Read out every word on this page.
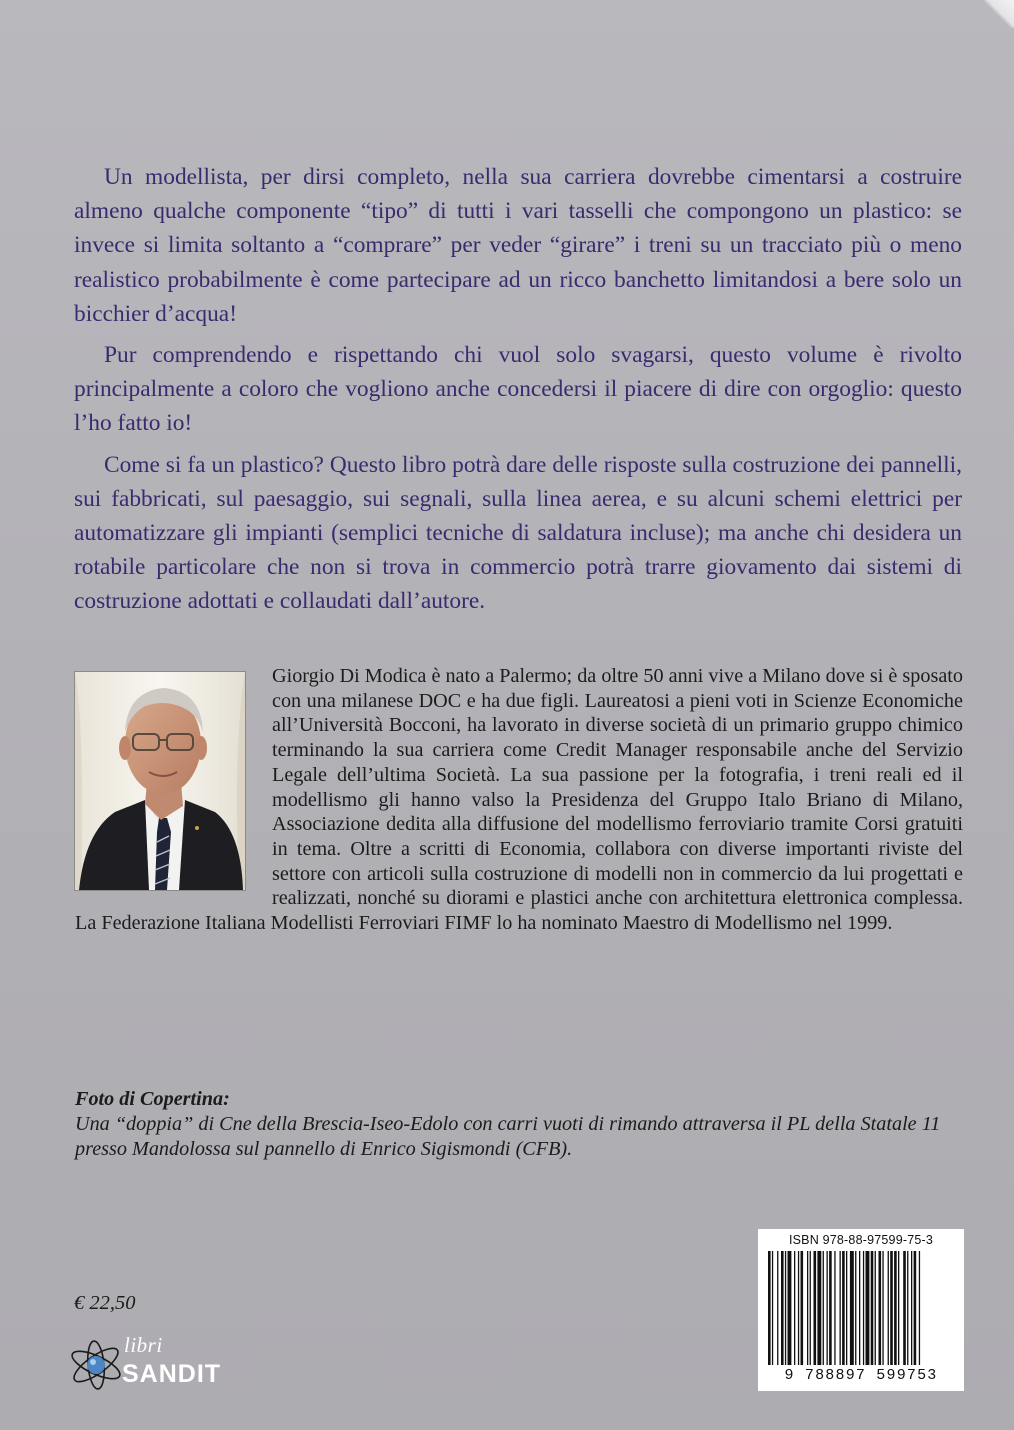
Un modellista, per dirsi completo, nella sua carriera dovrebbe cimentarsi a costruire almeno qualche componente “tipo” di tutti i vari tasselli che compongono un plastico: se invece si limita soltanto a “comprare” per veder “girare” i treni su un tracciato più o meno realistico probabilmente è come partecipare ad un ricco banchetto limitandosi a bere solo un bicchier d’acqua!

Pur comprendendo e rispettando chi vuol solo svagarsi, questo volume è rivolto principalmente a coloro che vogliono anche concedersi il piacere di dire con orgoglio: questo l’ho fatto io!

Come si fa un plastico? Questo libro potrà dare delle risposte sulla costruzione dei pannelli, sui fabbricati, sul paesaggio, sui segnali, sulla linea aerea, e su alcuni schemi elettrici per automatizzare gli impianti (semplici tecniche di saldatura incluse); ma anche chi desidera un rotabile particolare che non si trova in commercio potrà trarre giovamento dai sistemi di costruzione adottati e collaudati dall’autore.

Giorgio Di Modica è nato a Palermo; da oltre 50 anni vive a Milano dove si è sposato con una milanese DOC e ha due figli. Laureatosi a pieni voti in Scienze Economiche all’Università Bocconi, ha lavorato in diverse società di un primario gruppo chimico terminando la sua carriera come Credit Manager responsabile anche del Servizio Legale dell’ultima Società. La sua passione per la fotografia, i treni reali ed il modellismo gli hanno valso la Presidenza del Gruppo Italo Briano di Milano, Associazione dedita alla diffusione del modellismo ferroviario tramite Corsi gratuiti in tema. Oltre a scritti di Economia, collabora con diverse importanti riviste del settore con articoli sulla costruzione di modelli non in commercio da lui progettati e realizzati, nonché su diorami e plastici anche con architettura elettronica complessa. La Federazione Italiana Modellisti Ferroviari FIMF lo ha nominato Maestro di Modellismo nel 1999.
Foto di Copertina:
Una “doppia” di Cne della Brescia-Iseo-Edolo con carri vuoti di rimando attraversa il PL della Statale 11 presso Mandolossa sul pannello di Enrico Sigismondi (CFB).
€ 22,50
libri
SANDIT
ISBN 978-88-97599-75-3
9 788897 599753
